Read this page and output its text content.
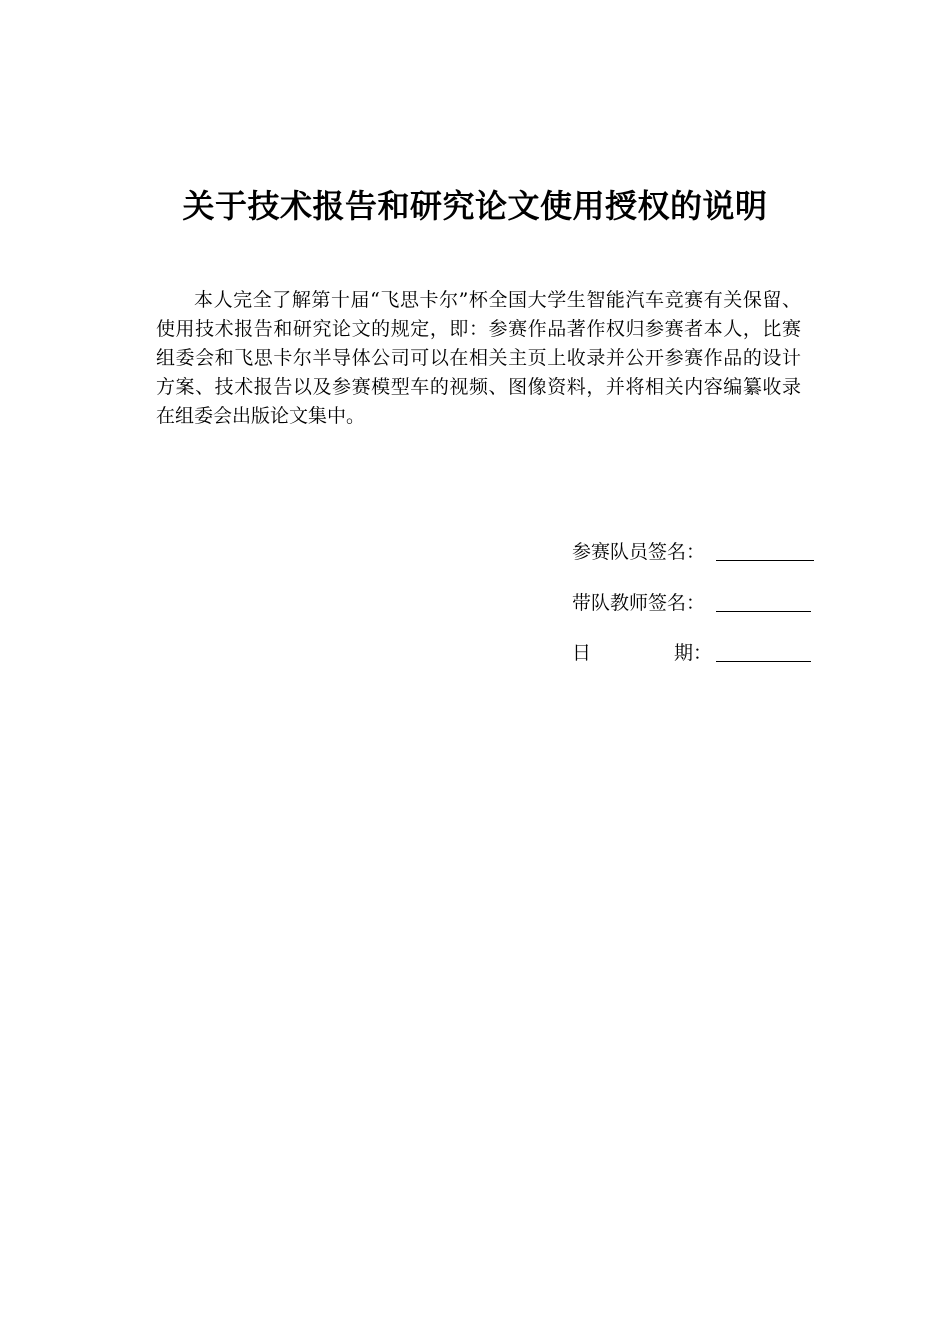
关于技术报告和研究论文使用授权的说明

本人完全了解第十届“飞思卡尔”杯全国大学生智能汽车竞赛有关保留、使用技术报告和研究论文的规定，即：参赛作品著作权归参赛者本人，比赛组委会和飞思卡尔半导体公司可以在相关主页上收录并公开参赛作品的设计方案、技术报告以及参赛模型车的视频、图像资料，并将相关内容编纂收录在组委会出版论文集中。

参赛队员签名：
带队教师签名：
日	期：
